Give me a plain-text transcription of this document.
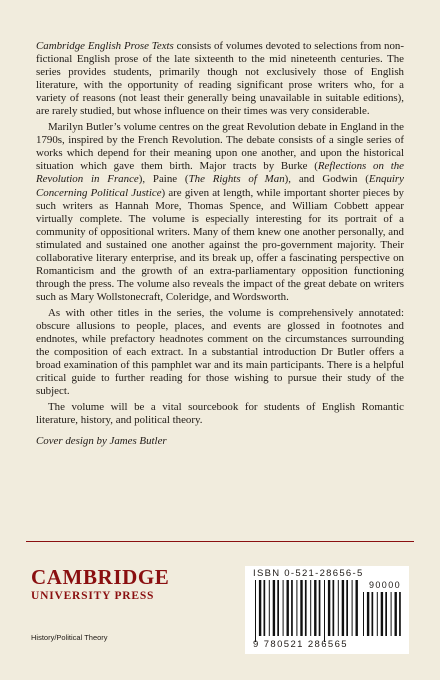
Cambridge English Prose Texts consists of volumes devoted to selections from non-fictional English prose of the late sixteenth to the mid nineteenth centuries. The series provides students, primarily though not exclusively those of English literature, with the opportunity of reading significant prose writers who, for a variety of reasons (not least their generally being unavailable in suitable editions), are rarely studied, but whose influence on their times was very considerable.

Marilyn Butler’s volume centres on the great Revolution debate in England in the 1790s, inspired by the French Revolution. The debate consists of a single series of works which depend for their meaning upon one another, and upon the historical situation which gave them birth. Major tracts by Burke (Reflections on the Revolution in France), Paine (The Rights of Man), and Godwin (Enquiry Concerning Political Justice) are given at length, while important shorter pieces by such writers as Hannah More, Thomas Spence, and William Cobbett appear virtually complete. The volume is especially interesting for its portrait of a community of oppositional writers. Many of them knew one another personally, and stimulated and sustained one another against the pro-government majority. Their collaborative literary enterprise, and its break up, offer a fascinating perspective on Romanticism and the growth of an extra-parliamentary opposition functioning through the press. The volume also reveals the impact of the great debate on writers such as Mary Wollstonecraft, Coleridge, and Wordsworth.

As with other titles in the series, the volume is comprehensively annotated: obscure allusions to people, places, and events are glossed in footnotes and endnotes, while prefactory headnotes comment on the circumstances surrounding the composition of each extract. In a substantial introduction Dr Butler offers a broad examination of this pamphlet war and its main participants. There is a helpful critical guide to further reading for those wishing to pursue their study of the subject.

The volume will be a vital sourcebook for students of English Romantic literature, history, and political theory.

Cover design by James Butler

CAMBRIDGE
UNIVERSITY PRESS
History/Political Theory
90000
9 780521 286565
ISBN 0-521-28656-5
